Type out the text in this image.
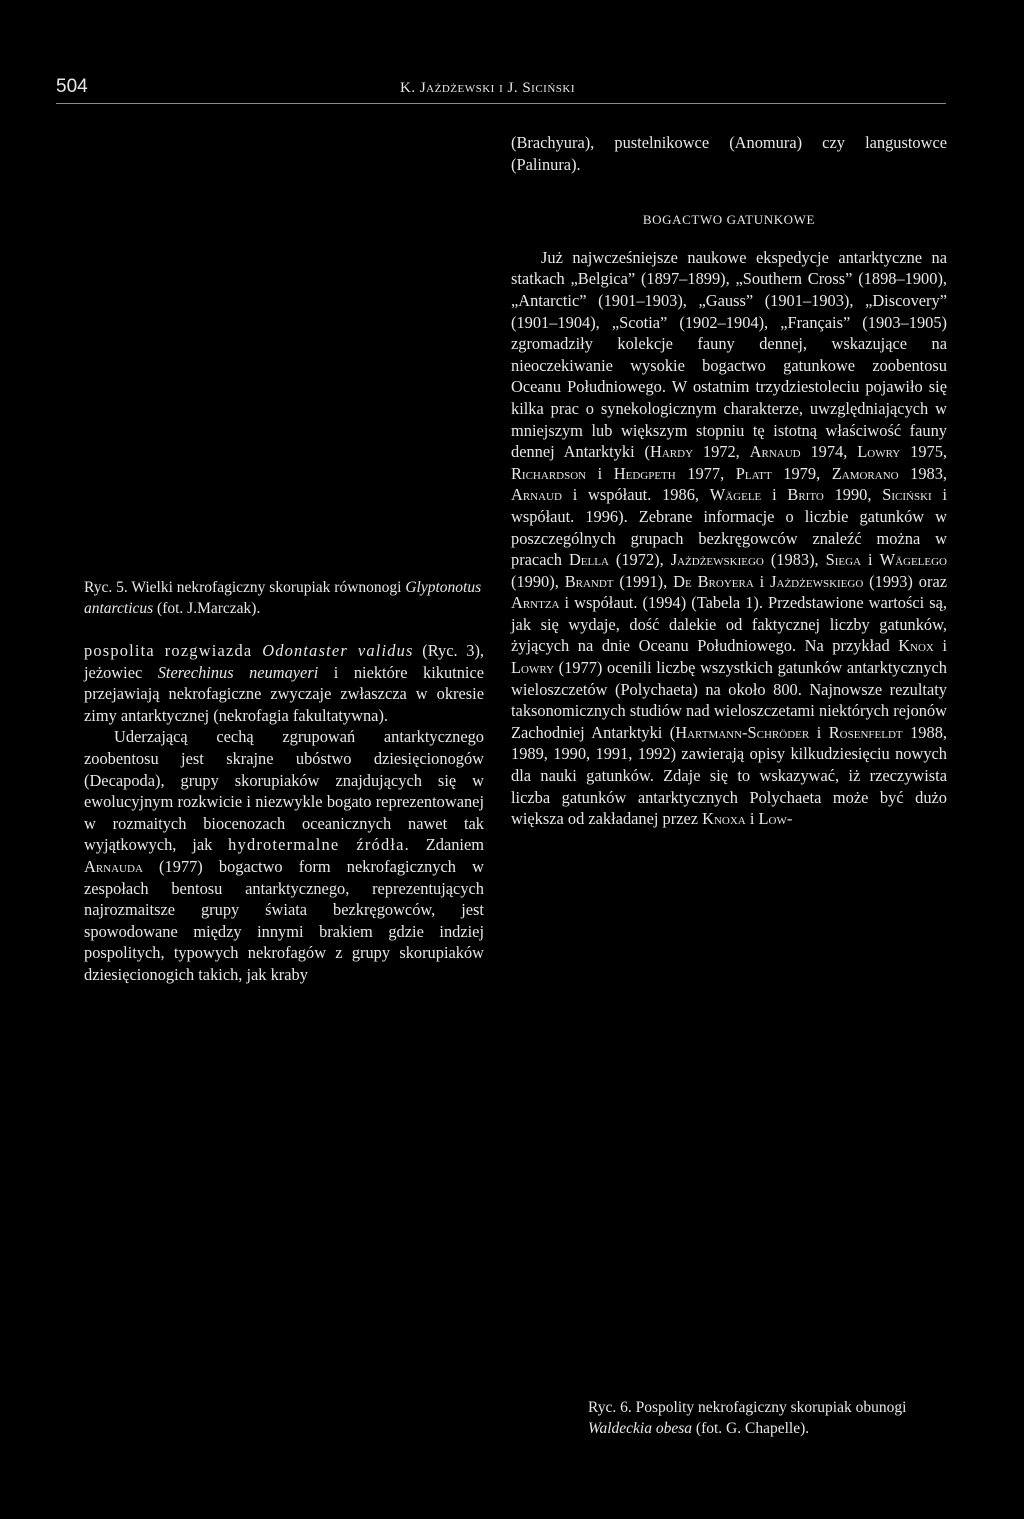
504	K. Jażdżewski i J. Siciński
Ryc. 5. Wielki nekrofagiczny skorupiak równonogi Glyptonotus antarcticus (fot. J.Marczak).

pospolita rozgwiazda Odontaster validus (Ryc. 3), jeżowiec Sterechinus neumayeri i niektóre kikutnice przejawiają nekrofagiczne zwyczaje zwłaszcza w okresie zimy antarktycznej (nekrofagia fakultatywna).

Uderzającą cechą zgrupowań antarktycznego zoobentosu jest skrajne ubóstwo dziesięcionogów (Decapoda), grupy skorupiaków znajdujących się w ewolucyjnym rozkwicie i niezwykle bogato reprezentowanej w rozmaitych biocenozach oceanicznych nawet tak wyjątkowych, jak hydrotermalne źródła. Zdaniem Arnauda (1977) bogactwo form nekrofagicznych w zespołach bentosu antarktycznego, reprezentujących najrozmaitsze grupy świata bezkręgowców, jest spowodowane między innymi brakiem gdzie indziej pospolitych, typowych nekrofagów z grupy skorupiaków dziesięcionogich takich, jak kraby

(Brachyura), pustelnikowce (Anomura) czy langustowce (Palinura).

BOGACTWO GATUNKOWE

Już najwcześniejsze naukowe ekspedycje antarktyczne na statkach „Belgica” (1897–1899), „Southern Cross” (1898–1900), „Antarctic” (1901–1903), „Gauss” (1901–1903), „Discovery” (1901–1904), „Scotia” (1902–1904), „Français” (1903–1905) zgromadziły kolekcje fauny dennej, wskazujące na nieoczekiwanie wysokie bogactwo gatunkowe zoobentosu Oceanu Południowego. W ostatnim trzydziestoleciu pojawiło się kilka prac o synekologicznym charakterze, uwzględniających w mniejszym lub większym stopniu tę istotną właściwość fauny dennej Antarktyki (Hardy 1972, Arnaud 1974, Lowry 1975, Richardson i Hedgpeth 1977, Platt 1979, Zamorano 1983, Arnaud i współaut. 1986, Wägele i Brito 1990, Siciński i współaut. 1996). Zebrane informacje o liczbie gatunków w poszczególnych grupach bezkręgowców znaleźć można w pracach Della (1972), Jażdżewskiego (1983), Siega i Wägelego (1990), Brandt (1991), De Broyera i Jażdżewskiego (1993) oraz Arntza i współaut. (1994) (Tabela 1). Przedstawione wartości są, jak się wydaje, dość dalekie od faktycznej liczby gatunków, żyjących na dnie Oceanu Południowego. Na przykład Knox i Lowry (1977) ocenili liczbę wszystkich gatunków antarktycznych wieloszczetów (Polychaeta) na około 800. Najnowsze rezultaty taksonomicznych studiów nad wieloszczetami niektórych rejonów Zachodniej Antarktyki (Hartmann-Schröder i Rosenfeldt 1988, 1989, 1990, 1991, 1992) zawierają opisy kilkudziesięciu nowych dla nauki gatunków. Zdaje się to wskazywać, iż rzeczywista liczba gatunków antarktycznych Polychaeta może być dużo większa od zakładanej przez Knoxa i Low-

Ryc. 6. Pospolity nekrofagiczny skorupiak obunogi Waldeckia obesa (fot. G. Chapelle).
